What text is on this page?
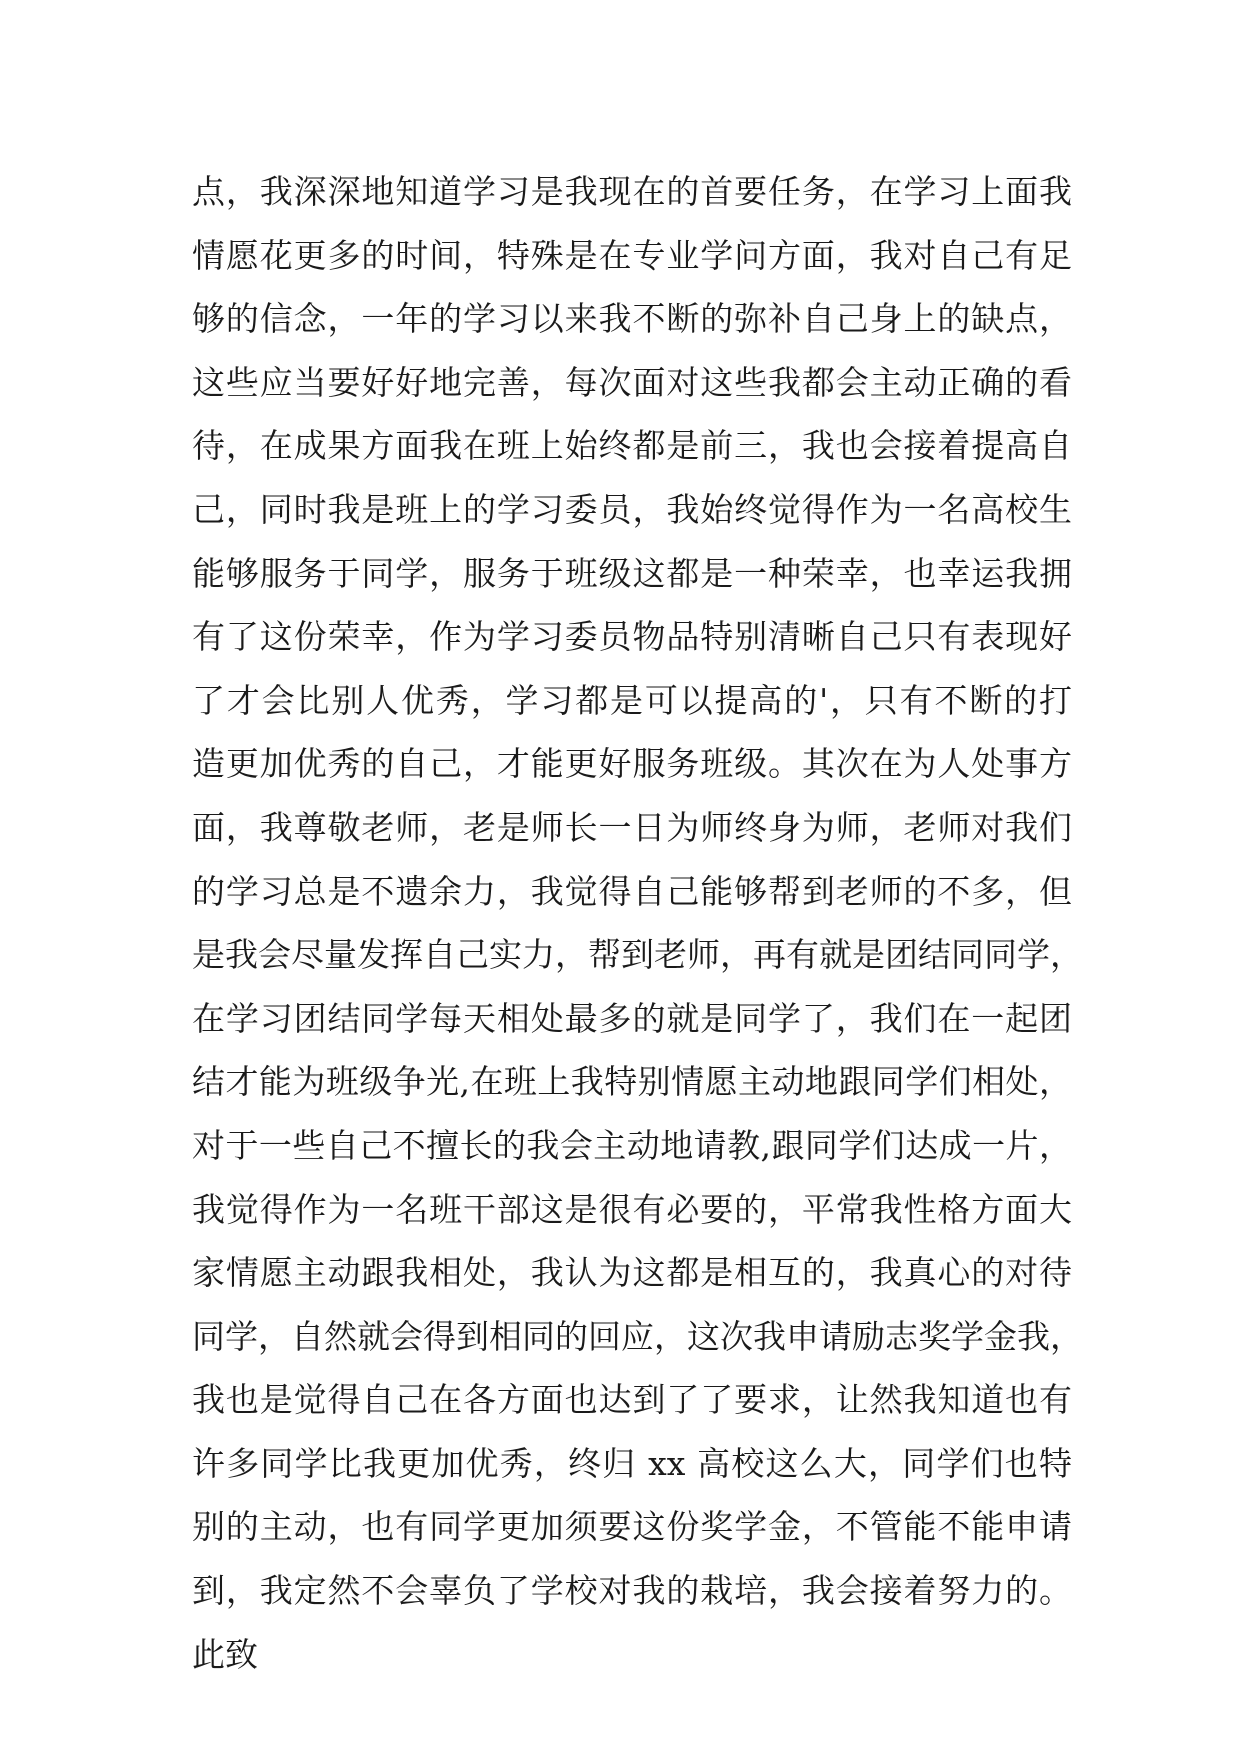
点，我深深地知道学习是我现在的首要任务，在学习上面我
情愿花更多的时间，特殊是在专业学问方面，我对自己有足
够的信念，一年的学习以来我不断的弥补自己身上的缺点，
这些应当要好好地完善，每次面对这些我都会主动正确的看
待，在成果方面我在班上始终都是前三，我也会接着提高自
己，同时我是班上的学习委员，我始终觉得作为一名高校生
能够服务于同学，服务于班级这都是一种荣幸，也幸运我拥
有了这份荣幸，作为学习委员物品特别清晰自己只有表现好
了才会比别人优秀，学习都是可以提高的'，只有不断的打
造更加优秀的自己，才能更好服务班级。其次在为人处事方
面，我尊敬老师，老是师长一日为师终身为师，老师对我们
的学习总是不遗余力，我觉得自己能够帮到老师的不多，但
是我会尽量发挥自己实力，帮到老师，再有就是团结同同学，
在学习团结同学每天相处最多的就是同学了，我们在一起团
结才能为班级争光,在班上我特别情愿主动地跟同学们相处，
对于一些自己不擅长的我会主动地请教,跟同学们达成一片，
我觉得作为一名班干部这是很有必要的，平常我性格方面大
家情愿主动跟我相处，我认为这都是相互的，我真心的对待
同学，自然就会得到相同的回应，这次我申请励志奖学金我，
我也是觉得自己在各方面也达到了了要求，让然我知道也有
许多同学比我更加优秀，终归 xx 高校这么大，同学们也特
别的主动，也有同学更加须要这份奖学金，不管能不能申请
到，我定然不会辜负了学校对我的栽培，我会接着努力的。
此致
